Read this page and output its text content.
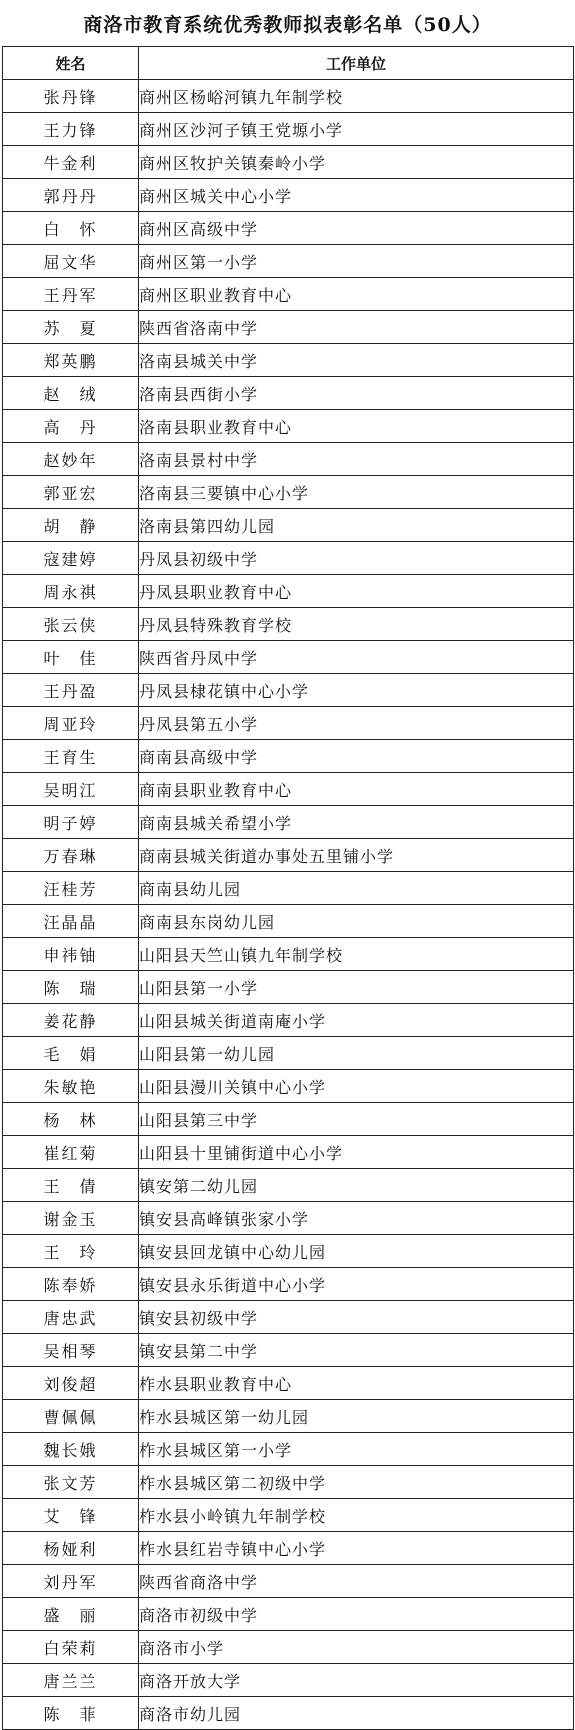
商洛市教育系统优秀教师拟表彰名单（50人）
姓名	工作单位
张丹锋	商州区杨峪河镇九年制学校
王力锋	商州区沙河子镇王党塬小学
牛金利	商州区牧护关镇秦岭小学
郭丹丹	商州区城关中心小学
白　怀	商州区高级中学
屈文华	商州区第一小学
王丹军	商州区职业教育中心
苏　夏	陕西省洛南中学
郑英鹏	洛南县城关中学
赵　绒	洛南县西街小学
高　丹	洛南县职业教育中心
赵妙年	洛南县景村中学
郭亚宏	洛南县三要镇中心小学
胡　静	洛南县第四幼儿园
寇建婷	丹凤县初级中学
周永祺	丹凤县职业教育中心
张云侠	丹凤县特殊教育学校
叶　佳	陕西省丹凤中学
王丹盈	丹凤县棣花镇中心小学
周亚玲	丹凤县第五小学
王育生	商南县高级中学
吴明江	商南县职业教育中心
明子婷	商南县城关希望小学
万春琳	商南县城关街道办事处五里铺小学
汪桂芳	商南县幼儿园
汪晶晶	商南县东岗幼儿园
申祎铀	山阳县天竺山镇九年制学校
陈　瑞	山阳县第一小学
姜花静	山阳县城关街道南庵小学
毛　娟	山阳县第一幼儿园
朱敏艳	山阳县漫川关镇中心小学
杨　林	山阳县第三中学
崔红菊	山阳县十里铺街道中心小学
王　倩	镇安第二幼儿园
谢金玉	镇安县高峰镇张家小学
王　玲	镇安县回龙镇中心幼儿园
陈奉娇	镇安县永乐街道中心小学
唐忠武	镇安县初级中学
吴相琴	镇安县第二中学
刘俊超	柞水县职业教育中心
曹佩佩	柞水县城区第一幼儿园
魏长娥	柞水县城区第一小学
张文芳	柞水县城区第二初级中学
艾　锋	柞水县小岭镇九年制学校
杨娅利	柞水县红岩寺镇中心小学
刘丹军	陕西省商洛中学
盛　丽	商洛市初级中学
白荣莉	商洛市小学
唐兰兰	商洛开放大学
陈　菲	商洛市幼儿园
